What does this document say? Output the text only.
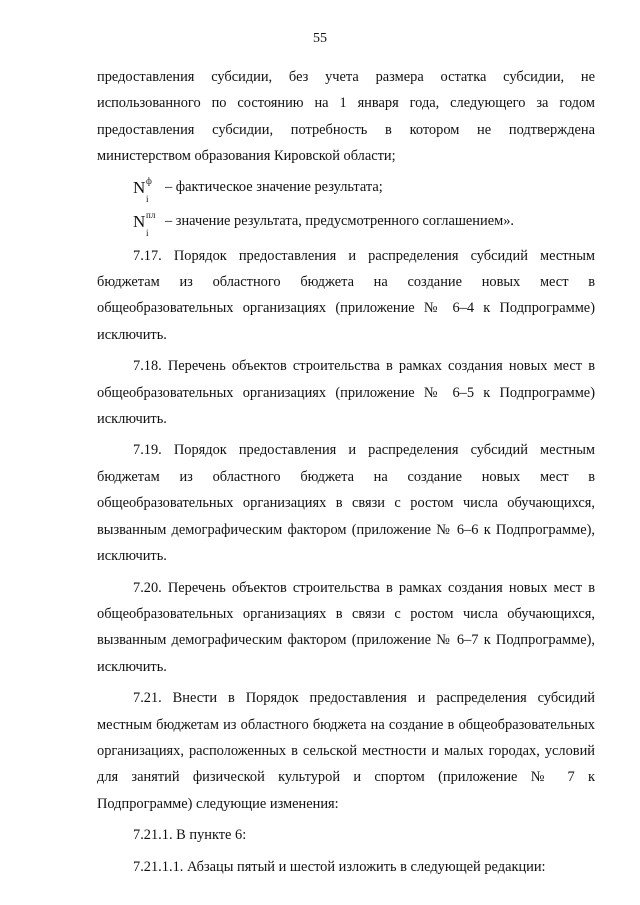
55

предоставления субсидии, без учета размера остатка субсидии, не

использованного по состоянию на 1 января года, следующего за годом

предоставления субсидии, потребность в котором не подтверждена

министерством образования Кировской области;

N ф
i
– фактическое значение результата;
N пл
i
– значение результата, предусмотренного соглашением».

7.17. Порядок предоставления и распределения субсидий местным бюджетам из областного бюджета на создание новых мест в общеобразовательных организациях (приложение № 6–4 к Подпрограмме) исключить.

7.18. Перечень объектов строительства в рамках создания новых мест в общеобразовательных организациях (приложение № 6–5 к Подпрограмме) исключить.

7.19. Порядок предоставления и распределения субсидий местным бюджетам из областного бюджета на создание новых мест в общеобразовательных организациях в связи с ростом числа обучающихся, вызванным демографическим фактором (приложение № 6–6 к Подпрограмме), исключить.

7.20. Перечень объектов строительства в рамках создания новых мест в общеобразовательных организациях в связи с ростом числа обучающихся, вызванным демографическим фактором (приложение № 6–7 к Подпрограмме), исключить.

7.21. Внести в Порядок предоставления и распределения субсидий местным бюджетам из областного бюджета на создание в общеобразовательных организациях, расположенных в сельской местности и малых городах, условий для занятий физической культурой и спортом (приложение № 7 к Подпрограмме) следующие изменения:

7.21.1. В пункте 6:

7.21.1.1. Абзацы пятый и шестой изложить в следующей редакции:
